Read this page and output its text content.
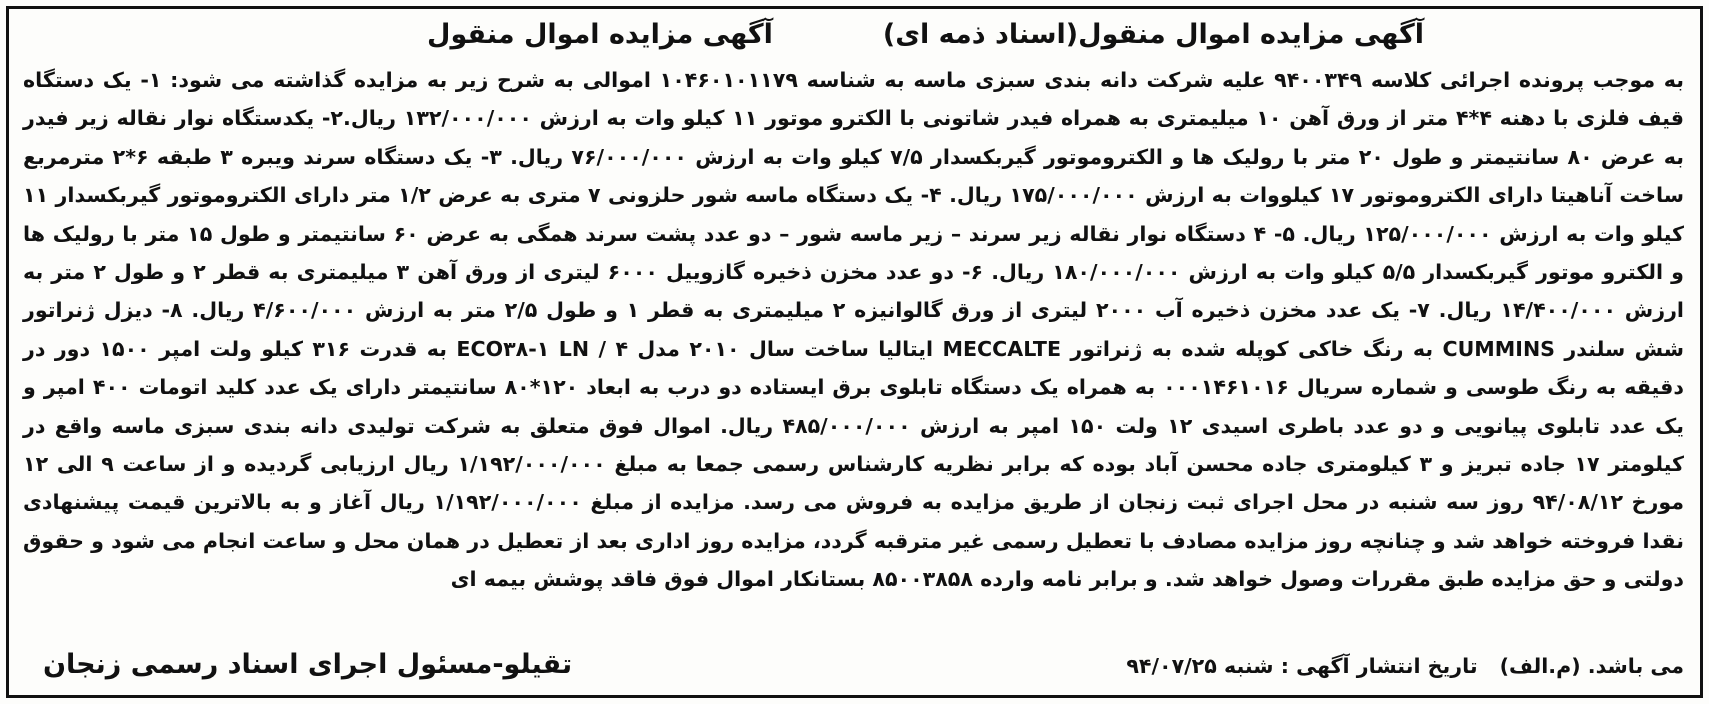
آگهی مزایده اموال منقول(اسناد ذمه ای)
آگهی مزایده اموال منقول

به موجب پرونده اجرائی کلاسه ۹۴۰۰۳۴۹ علیه شرکت دانه بندی سبزی ماسه به شناسه ۱۰۴۶۰۱۰۱۱۷۹ اموالی به شرح زیر به مزایده گذاشته می شود: ۱- یک دستگاه قیف فلزی با دهنه ۴*۴ متر از ورق آهن ۱۰ میلیمتری به همراه فیدر شاتونی با الکترو موتور ۱۱ کیلو وات به ارزش ۱۳۲/۰۰۰/۰۰۰ ریال.۲- یکدستگاه نوار نقاله زیر فیدر به عرض ۸۰ سانتیمتر و طول ۲۰ متر با رولیک ها و الکتروموتور گیربکسدار ۷/۵ کیلو وات به ارزش ۷۶/۰۰۰/۰۰۰ ریال. ۳- یک دستگاه سرند ویبره ۳ طبقه ۶*۲ مترمربع ساخت آناهیتا دارای الکتروموتور ۱۷ کیلووات به ارزش ۱۷۵/۰۰۰/۰۰۰ ریال. ۴- یک دستگاه ماسه شور حلزونی ۷ متری به عرض ۱/۲ متر دارای الکتروموتور گیربکسدار ۱۱ کیلو وات به ارزش ۱۲۵/۰۰۰/۰۰۰ ریال. ۵- ۴ دستگاه نوار نقاله زیر سرند – زیر ماسه شور – دو عدد پشت سرند همگی به عرض ۶۰ سانتیمتر و طول ۱۵ متر با رولیک ها و الکترو موتور گیربکسدار ۵/۵ کیلو وات به ارزش ۱۸۰/۰۰۰/۰۰۰ ریال. ۶- دو عدد مخزن ذخیره گازوییل ۶۰۰۰ لیتری از ورق آهن ۳ میلیمتری به قطر ۲ و طول ۲ متر به ارزش ۱۴/۴۰۰/۰۰۰ ریال. ۷- یک عدد مخزن ذخیره آب ۲۰۰۰ لیتری از ورق گالوانیزه ۲ میلیمتری به قطر ۱ و طول ۲/۵ متر به ارزش ۴/۶۰۰/۰۰۰ ریال. ۸- دیزل ژنراتور شش سلندر CUMMINS به رنگ خاکی کوپله شده به ژنراتور MECCALTE ایتالیا ساخت سال ۲۰۱۰ مدل ۴ / ECO۳۸-۱ LN به قدرت ۳۱۶ کیلو ولت امپر ۱۵۰۰ دور در دقیقه به رنگ طوسی و شماره سریال ۰۰۰۱۴۶۱۰۱۶ به همراه یک دستگاه تابلوی برق ایستاده دو درب به ابعاد ۱۲۰*۸۰ سانتیمتر دارای یک عدد کلید اتومات ۴۰۰ امپر و یک عدد تابلوی پیانویی و دو عدد باطری اسیدی ۱۲ ولت ۱۵۰ امپر به ارزش ۴۸۵/۰۰۰/۰۰۰ ریال. اموال فوق متعلق به شرکت تولیدی دانه بندی سبزی ماسه واقع در کیلومتر ۱۷ جاده تبریز و ۳ کیلومتری جاده محسن آباد بوده که برابر نظریه کارشناس رسمی جمعا به مبلغ ۱/۱۹۲/۰۰۰/۰۰۰ ریال ارزیابی گردیده و از ساعت ۹ الی ۱۲ مورخ ۹۴/۰۸/۱۲ روز سه شنبه در محل اجرای ثبت زنجان از طریق مزایده به فروش می رسد. مزایده از مبلغ ۱/۱۹۲/۰۰۰/۰۰۰ ریال آغاز و به بالاترین قیمت پیشنهادی نقدا فروخته خواهد شد و چنانچه روز مزایده مصادف با تعطیل رسمی غیر مترقبه گردد، مزایده روز اداری بعد از تعطیل در همان محل و ساعت انجام می شود و حقوق دولتی و حق مزایده طبق مقررات وصول خواهد شد. و برابر نامه وارده ۸۵۰۰۳۸۵۸ بستانکار اموال فوق فاقد پوشش بیمه ای

می باشد. (م.الف)
تاریخ انتشار آگهی : شنبه ۹۴/۰۷/۲۵
تقیلو-مسئول اجرای اسناد رسمی زنجان
